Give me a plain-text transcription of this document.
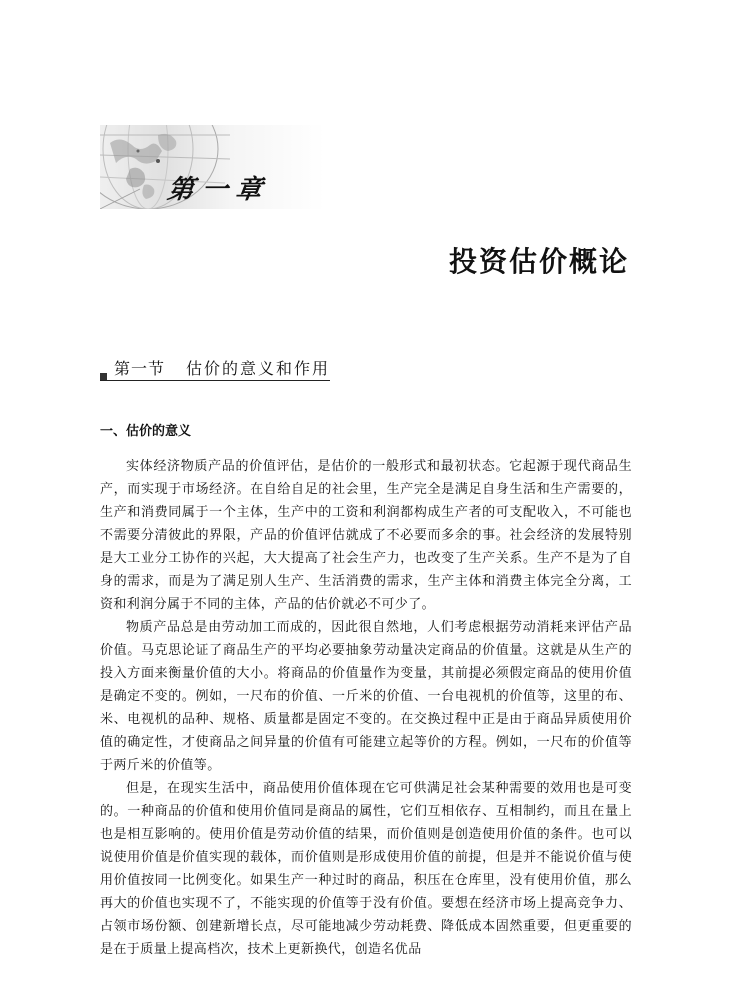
第一章
投资估价概论
第一节 估价的意义和作用
一、估价的意义

实体经济物质产品的价值评估，是估价的一般形式和最初状态。它起源于现代商品生产，而实现于市场经济。在自给自足的社会里，生产完全是满足自身生活和生产需要的，生产和消费同属于一个主体，生产中的工资和利润都构成生产者的可支配收入，不可能也不需要分清彼此的界限，产品的价值评估就成了不必要而多余的事。社会经济的发展特别是大工业分工协作的兴起，大大提高了社会生产力，也改变了生产关系。生产不是为了自身的需求，而是为了满足别人生产、生活消费的需求，生产主体和消费主体完全分离，工资和利润分属于不同的主体，产品的估价就必不可少了。

物质产品总是由劳动加工而成的，因此很自然地，人们考虑根据劳动消耗来评估产品价值。马克思论证了商品生产的平均必要抽象劳动量决定商品的价值量。这就是从生产的投入方面来衡量价值的大小。将商品的价值量作为变量，其前提必须假定商品的使用价值是确定不变的。例如，一尺布的价值、一斤米的价值、一台电视机的价值等，这里的布、米、电视机的品种、规格、质量都是固定不变的。在交换过程中正是由于商品异质使用价值的确定性，才使商品之间异量的价值有可能建立起等价的方程。例如，一尺布的价值等于两斤米的价值等。

但是，在现实生活中，商品使用价值体现在它可供满足社会某种需要的效用也是可变的。一种商品的价值和使用价值同是商品的属性，它们互相依存、互相制约，而且在量上也是相互影响的。使用价值是劳动价值的结果，而价值则是创造使用价值的条件。也可以说使用价值是价值实现的载体，而价值则是形成使用价值的前提，但是并不能说价值与使用价值按同一比例变化。如果生产一种过时的商品，积压在仓库里，没有使用价值，那么再大的价值也实现不了，不能实现的价值等于没有价值。要想在经济市场上提高竞争力、占领市场份额、创建新增长点，尽可能地减少劳动耗费、降低成本固然重要，但更重要的是在于质量上提高档次，技术上更新换代，创造名优品
